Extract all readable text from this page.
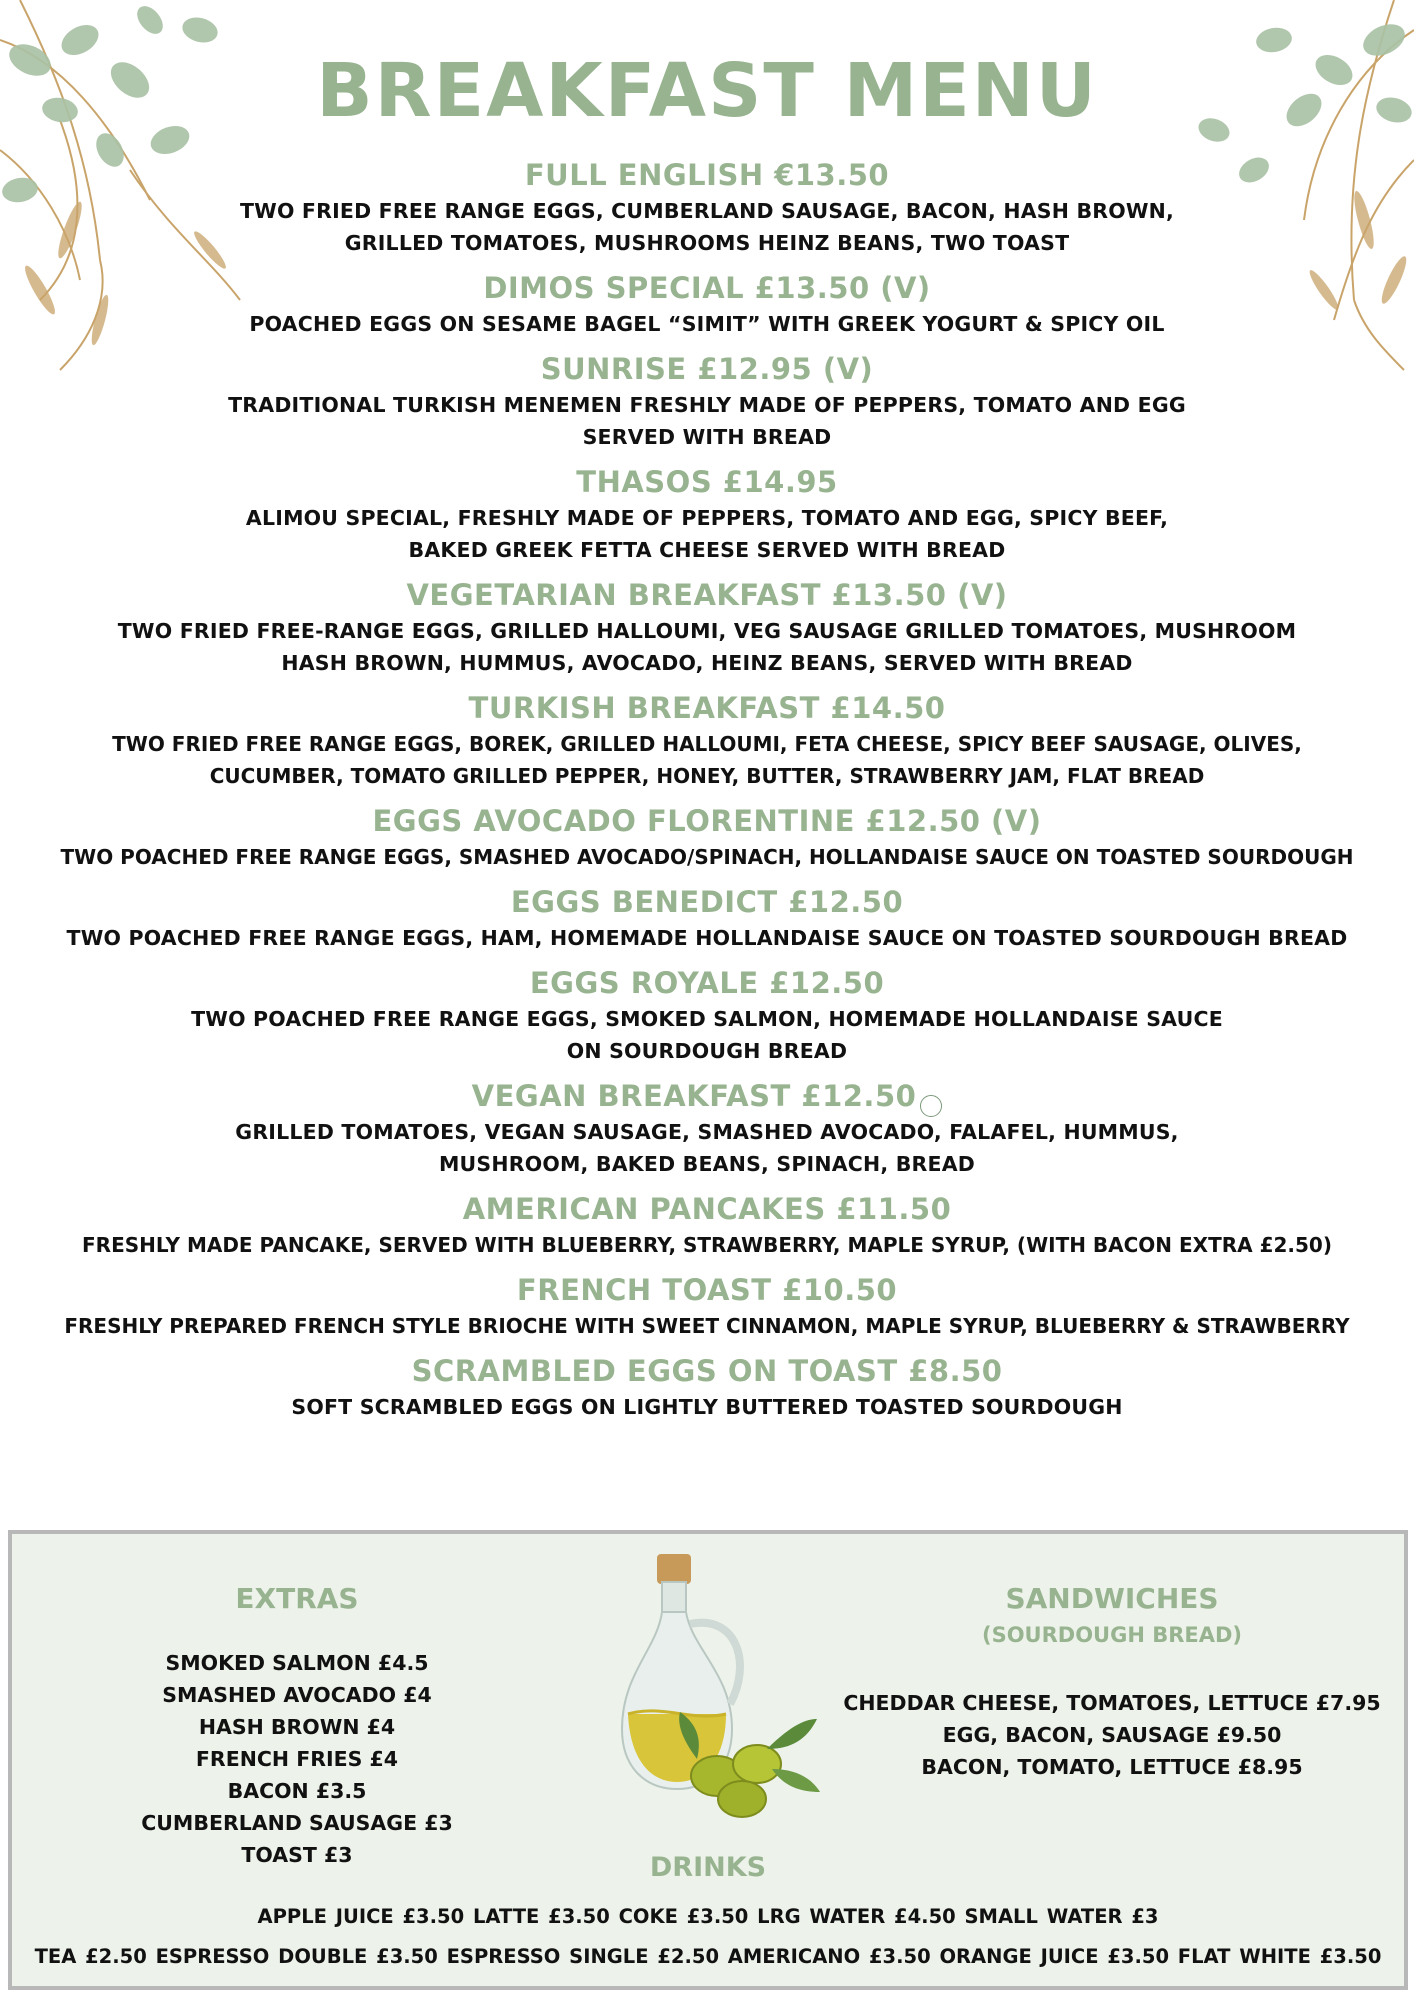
BREAKFAST MENU
FULL ENGLISH €13.50
TWO FRIED FREE RANGE EGGS, CUMBERLAND SAUSAGE, BACON, HASH BROWN,
GRILLED TOMATOES, MUSHROOMS HEINZ BEANS, TWO TOAST
DIMOS SPECIAL £13.50 (V)
POACHED EGGS ON SESAME BAGEL “SIMIT” WITH GREEK YOGURT & SPICY OIL
SUNRISE £12.95 (V)
TRADITIONAL TURKISH MENEMEN FRESHLY MADE OF PEPPERS, TOMATO AND EGG
SERVED WITH BREAD
THASOS £14.95
ALIMOU SPECIAL, FRESHLY MADE OF PEPPERS, TOMATO AND EGG, SPICY BEEF,
BAKED GREEK FETTA CHEESE SERVED WITH BREAD
VEGETARIAN BREAKFAST £13.50 (V)
TWO FRIED FREE-RANGE EGGS, GRILLED HALLOUMI, VEG SAUSAGE GRILLED TOMATOES, MUSHROOM
HASH BROWN, HUMMUS, AVOCADO, HEINZ BEANS, SERVED WITH BREAD
TURKISH BREAKFAST £14.50
TWO FRIED FREE RANGE EGGS, BOREK, GRILLED HALLOUMI, FETA CHEESE, SPICY BEEF SAUSAGE, OLIVES,
CUCUMBER, TOMATO GRILLED PEPPER, HONEY, BUTTER, STRAWBERRY JAM, FLAT BREAD
EGGS AVOCADO FLORENTINE £12.50 (V)
TWO POACHED FREE RANGE EGGS, SMASHED AVOCADO/SPINACH, HOLLANDAISE SAUCE ON TOASTED SOURDOUGH
EGGS BENEDICT £12.50
TWO POACHED FREE RANGE EGGS, HAM, HOMEMADE HOLLANDAISE SAUCE ON TOASTED SOURDOUGH BREAD
EGGS ROYALE £12.50
TWO POACHED FREE RANGE EGGS, SMOKED SALMON, HOMEMADE HOLLANDAISE SAUCE
ON SOURDOUGH BREAD
VEGAN BREAKFAST £12.50
GRILLED TOMATOES, VEGAN SAUSAGE, SMASHED AVOCADO, FALAFEL, HUMMUS,
MUSHROOM, BAKED BEANS, SPINACH, BREAD
AMERICAN PANCAKES £11.50
FRESHLY MADE PANCAKE, SERVED WITH BLUEBERRY, STRAWBERRY, MAPLE SYRUP, (WITH BACON EXTRA £2.50)
FRENCH TOAST £10.50
FRESHLY PREPARED FRENCH STYLE BRIOCHE WITH SWEET CINNAMON, MAPLE SYRUP, BLUEBERRY & STRAWBERRY
SCRAMBLED EGGS ON TOAST £8.50
SOFT SCRAMBLED EGGS ON LIGHTLY BUTTERED TOASTED SOURDOUGH
EXTRAS
SMOKED SALMON £4.5
SMASHED AVOCADO £4
HASH BROWN £4
FRENCH FRIES £4
BACON £3.5
CUMBERLAND SAUSAGE £3
TOAST £3
SANDWICHES
(SOURDOUGH BREAD)
CHEDDAR CHEESE, TOMATOES, LETTUCE £7.95
EGG, BACON, SAUSAGE £9.50
BACON, TOMATO, LETTUCE £8.95
DRINKS
APPLE JUICE £3.50 LATTE £3.50 COKE £3.50 LRG WATER £4.50 SMALL WATER £3
TEA £2.50 ESPRESSO DOUBLE £3.50 ESPRESSO SINGLE £2.50 AMERICANO £3.50 ORANGE JUICE £3.50 FLAT WHITE £3.50
